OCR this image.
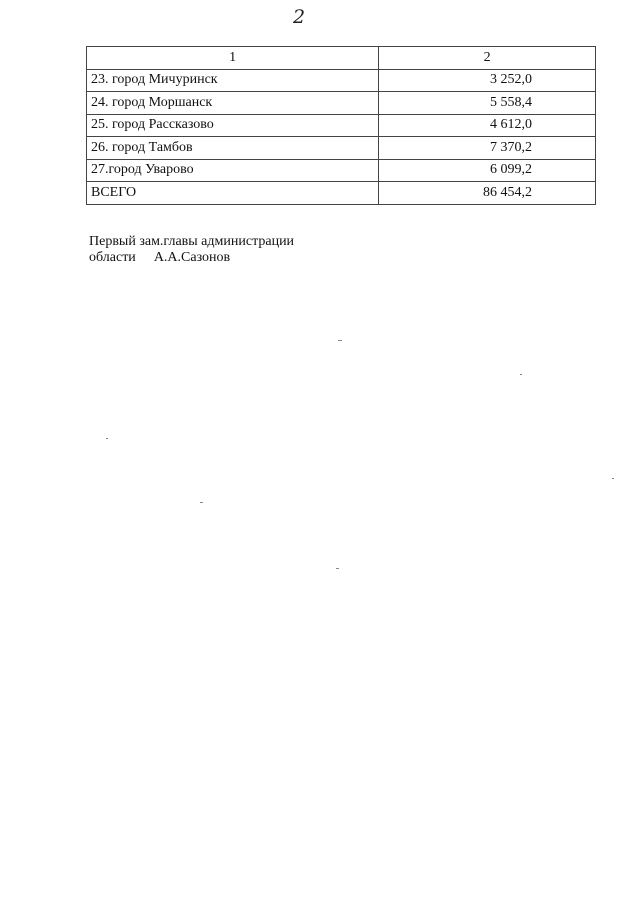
2
1	2
23. город Мичуринск	3 252,0
24. город Моршанск	5 558,4
25. город Рассказово	4 612,0
26. город Тамбов	7 370,2
27.город Уварово	6 099,2
ВСЕГО	86 454,2
Первый зам.главы администрации
области А.А.Сазонов
